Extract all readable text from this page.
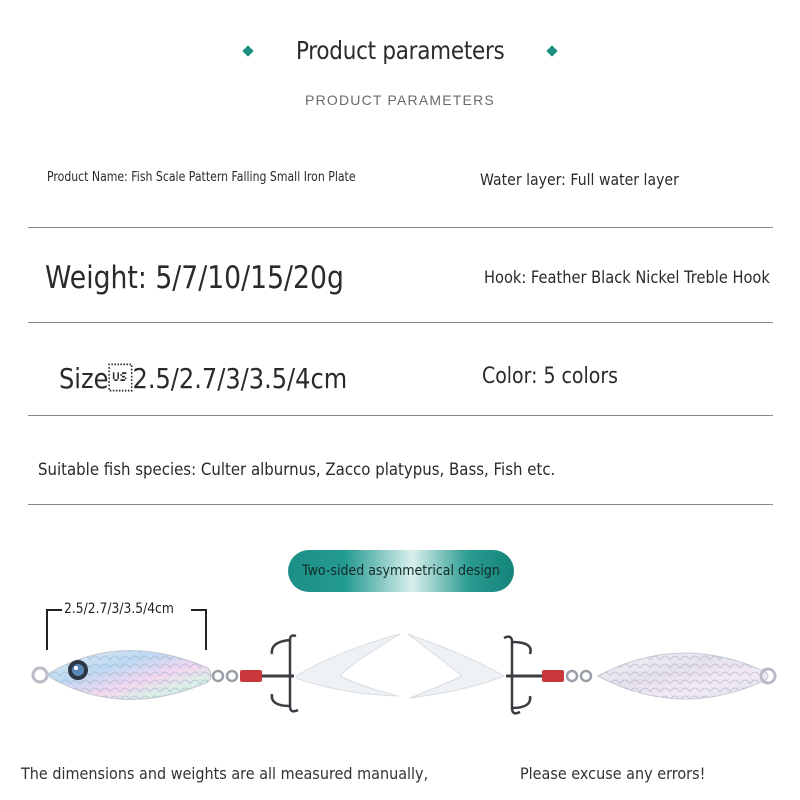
Product parameters
PRODUCT PARAMETERS
Product Name: Fish Scale Pattern Falling Small Iron Plate	Water layer: Full water layer
Weight: 5/7/10/15/20g	Hook: Feather Black Nickel Treble Hook
Size2.5/2.7/3/3.5/4cm	Color: 5 colors
Suitable fish species: Culter alburnus, Zacco platypus, Bass, Fish etc.
Two-sided asymmetrical design
2.5/2.7/3/3.5/4cm
The dimensions and weights are all measured manually,	Please excuse any errors!
